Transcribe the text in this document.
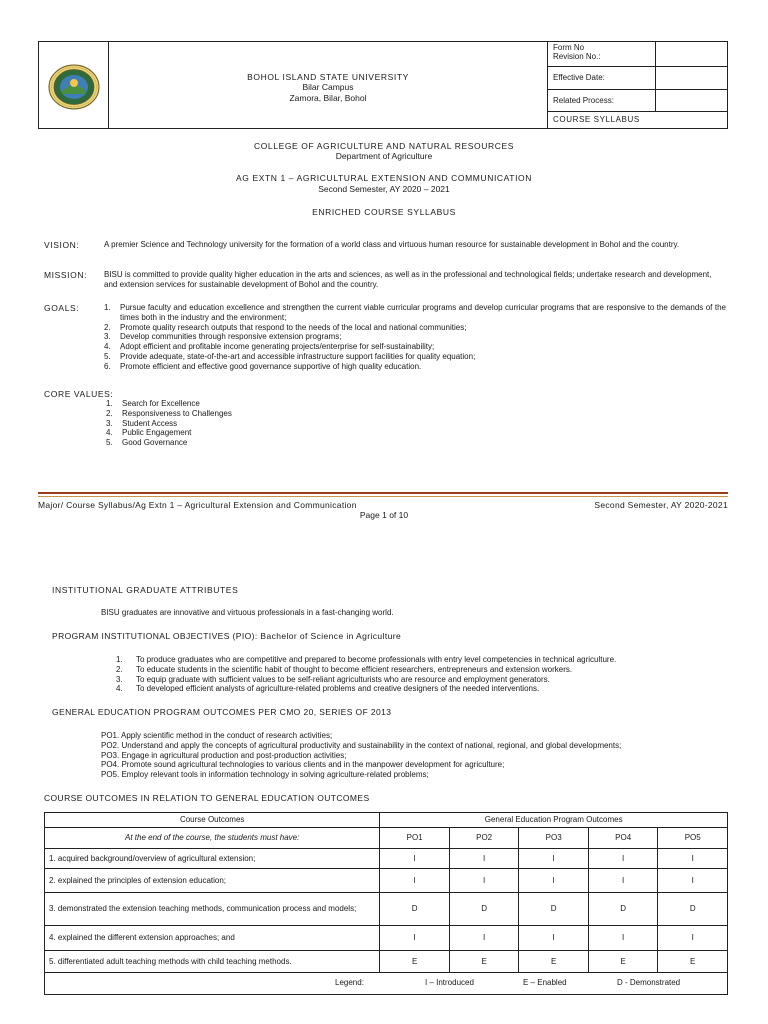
BOHOL ISLAND STATE UNIVERSITY
Bilar Campus
Zamora, Bilar, Bohol
Form No
Revision No.:
Effective Date:
Related Process:
COURSE SYLLABUS
COLLEGE OF AGRICULTURE AND NATURAL RESOURCES
Department of Agriculture
AG EXTN 1 – AGRICULTURAL EXTENSION AND COMMUNICATION
Second Semester, AY 2020 – 2021
ENRICHED COURSE SYLLABUS
VISION:	A premier Science and Technology university for the formation of a world class and virtuous human resource for sustainable development in Bohol and the country.
MISSION: BISU is committed to provide quality higher education in the arts and sciences, as well as in the professional and technological fields; undertake research and development, and extension services for sustainable development of Bohol and the country.
GOALS:	1. Pursue faculty and education excellence and strengthen the current viable curricular programs and develop curricular programs that are responsive to the demands of the times both in the industry and the environment;
2. Promote quality research outputs that respond to the needs of the local and national communities;
3. Develop communities through responsive extension programs;
4. Adopt efficient and profitable income generating projects/enterprise for self-sustainability;
5. Provide adequate, state-of-the-art and accessible infrastructure support facilities for quality equation;
6. Promote efficient and effective good governance supportive of high quality education.
CORE VALUES:
1. Search for Excellence
2. Responsiveness to Challenges
3. Student Access
4. Public Engagement
5. Good Governance
Major/ Course Syllabus/Ag Extn 1 – Agricultural Extension and Communication	Second Semester, AY 2020-2021
Page 1 of 10
INSTITUTIONAL GRADUATE ATTRIBUTES
BISU graduates are innovative and virtuous professionals in a fast-changing world.
PROGRAM INSTITUTIONAL OBJECTIVES (PIO): Bachelor of Science in Agriculture
1. To produce graduates who are competitive and prepared to become professionals with entry level competencies in technical agriculture.
2. To educate students in the scientific habit of thought to become efficient researchers, entrepreneurs and extension workers.
3. To equip graduate with sufficient values to be self-reliant agriculturists who are resource and employment generators.
4. To developed efficient analysts of agriculture-related problems and creative designers of the needed interventions.
GENERAL EDUCATION PROGRAM OUTCOMES PER CMO 20, SERIES OF 2013
PO1. Apply scientific method in the conduct of research activities;
PO2. Understand and apply the concepts of agricultural productivity and sustainability in the context of national, regional, and global developments;
PO3. Engage in agricultural production and post-production activities;
PO4. Promote sound agricultural technologies to various clients and in the manpower development for agriculture;
PO5. Employ relevant tools in information technology in solving agriculture-related problems;
COURSE OUTCOMES IN RELATION TO GENERAL EDUCATION OUTCOMES
Course Outcomes	General Education Program Outcomes				
At the end of the course, the students must have:	PO1	PO2	PO3	PO4	PO5
1. acquired background/overview of agricultural extension;	I	I	I	I	I
2. explained the principles of extension education;	I	I	I	I	I
3. demonstrated the extension teaching methods, communication process and models;	D	D	D	D	D
4. explained the different extension approaches; and	I	I	I	I	I
5. differentiated adult teaching methods with child teaching methods.	E	E	E	E	E

Legend: I – Introduced E – Enabled D - Demonstrated					
